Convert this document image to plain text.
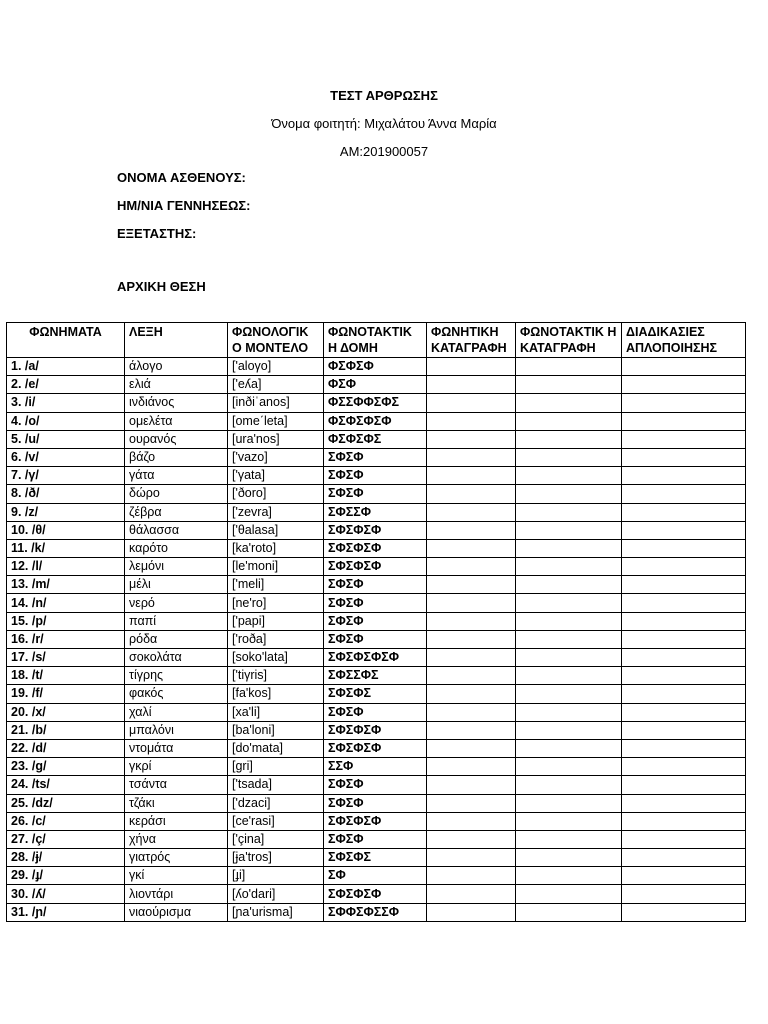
ΤΕΣΤ ΑΡΘΡΩΣΗΣ
Όνομα φοιτητή: Μιχαλάτου Άννα Μαρία
ΑΜ:201900057
ΟΝΟΜΑ ΑΣΘΕΝΟΥΣ:
ΗΜ/ΝΙΑ ΓΕΝΝΗΣΕΩΣ:
ΕΞΕΤΑΣΤΗΣ:
ΑΡΧΙΚΗ ΘΕΣΗ
ΦΩΝΗΜΑΤΑ	ΛΕΞΗ	ΦΩΝΟΛΟΓΙΚ Ο ΜΟΝΤΕΛΟ	ΦΩΝΟΤΑΚΤΙΚ Η ΔΟΜΗ	ΦΩΝΗΤΙΚΗ ΚΑΤΑΓΡΑΦΗ	ΦΩΝΟΤΑΚΤΙΚ Η ΚΑΤΑΓΡΑΦΗ	ΔΙΑΔΙΚΑΣΙΕΣ ΑΠΛΟΠΟΙΗΣΗΣ
1. /a/	άλογο	['aloγo]	ΦΣΦΣΦ			
2. /e/	ελιά	['eʎa]	ΦΣΦ			
3. /i/	ινδιάνος	[inðiˈanos]	ΦΣΣΦΦΣΦΣ			
4. /o/	ομελέτα	[omeˊleta]	ΦΣΦΣΦΣΦ			
5. /u/	ουρανός	[ura'nos]	ΦΣΦΣΦΣ			
6. /v/	βάζο	['vazo]	ΣΦΣΦ			
7. /γ/	γάτα	['γata]	ΣΦΣΦ			
8. /ð/	δώρο	['ðoro]	ΣΦΣΦ			
9. /z/	ζέβρα	['zevra]	ΣΦΣΣΦ			
10. /θ/	θάλασσα	['θalasa]	ΣΦΣΦΣΦ			
11. /k/	καρότο	[ka'roto]	ΣΦΣΦΣΦ			
12. /l/	λεμόνι	[le'moni]	ΣΦΣΦΣΦ			
13. /m/	μέλι	['meli]	ΣΦΣΦ			
14. /n/	νερό	[ne'ro]	ΣΦΣΦ			
15. /p/	παπί	['papi]	ΣΦΣΦ			
16. /r/	ρόδα	['roða]	ΣΦΣΦ			
17. /s/	σοκολάτα	[soko'lata]	ΣΦΣΦΣΦΣΦ			
18. /t/	τίγρης	['tiγris]	ΣΦΣΣΦΣ			
19. /f/	φακός	[fa'kos]	ΣΦΣΦΣ			
20. /x/	χαλί	[xa'li]	ΣΦΣΦ			
21. /b/	μπαλόνι	[ba'loni]	ΣΦΣΦΣΦ			
22. /d/	ντομάτα	[do'mata]	ΣΦΣΦΣΦ			
23. /g/	γκρί	[gri]	ΣΣΦ			
24. /ts/	τσάντα	['tsada]	ΣΦΣΦ			
25. /dz/	τζάκι	['dzaci]	ΣΦΣΦ			
26. /c/	κεράσι	[ce'rasi]	ΣΦΣΦΣΦ			
27. /ç/	χήνα	['çina]	ΣΦΣΦ			
28. /ɉ/	γιατρός	[ɉa'tros]	ΣΦΣΦΣ			
29. /ɟ/	γκί	[ɟi]	ΣΦ			
30. /ʎ/	λιοντάρι	[ʎo'dari]	ΣΦΣΦΣΦ			
31. /ɲ/	νιαούρισμα	[ɲa'urisma]	ΣΦΦΣΦΣΣΦ			
